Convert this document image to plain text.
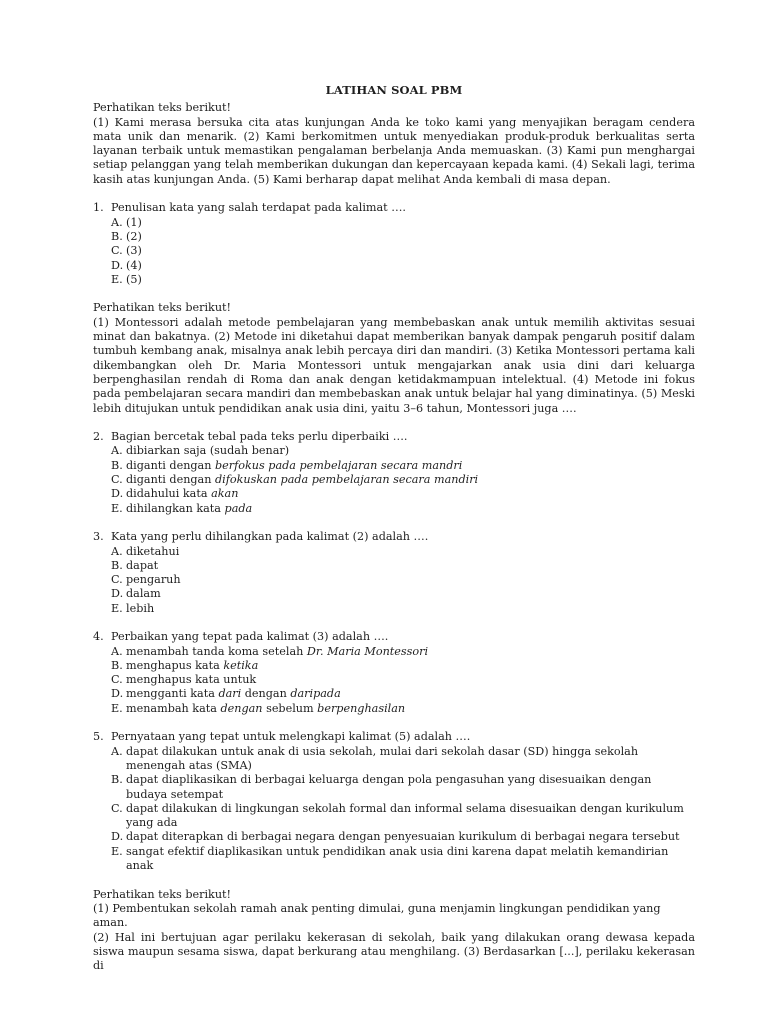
LATIHAN SOAL PBM

Perhatikan teks berikut!

(1) Kami merasa bersuka cita atas kunjungan Anda ke toko kami yang menyajikan beragam cendera mata unik dan menarik. (2) Kami berkomitmen untuk menyediakan produk-produk berkualitas serta layanan terbaik untuk memastikan pengalaman berbelanja Anda memuaskan. (3) Kami pun menghargai setiap pelanggan yang telah memberikan dukungan dan kepercayaan kepada kami. (4) Sekali lagi, terima kasih atas kunjungan Anda. (5) Kami berharap dapat melihat Anda kembali di masa depan.

1. Penulisan kata yang salah terdapat pada kalimat ….
A. (1)
B. (2)
C. (3)
D. (4)
E. (5)

Perhatikan teks berikut!

(1) Montessori adalah metode pembelajaran yang membebaskan anak untuk memilih aktivitas sesuai minat dan bakatnya. (2) Metode ini diketahui dapat memberikan banyak dampak pengaruh positif dalam tumbuh kembang anak, misalnya anak lebih percaya diri dan mandiri. (3) Ketika Montessori pertama kali dikembangkan oleh Dr. Maria Montessori untuk mengajarkan anak usia dini dari keluarga berpenghasilan rendah di Roma dan anak dengan ketidakmampuan intelektual. (4) Metode ini fokus pada pembelajaran secara mandiri dan membebaskan anak untuk belajar hal yang diminatinya. (5) Meski lebih ditujukan untuk pendidikan anak usia dini, yaitu 3–6 tahun, Montessori juga ….

2. Bagian bercetak tebal pada teks perlu diperbaiki ….
A. dibiarkan saja (sudah benar)
B. diganti dengan berfokus pada pembelajaran secara mandri
C. diganti dengan difokuskan pada pembelajaran secara mandiri
D. didahului kata akan
E. dihilangkan kata pada
3. Kata yang perlu dihilangkan pada kalimat (2) adalah ….
A. diketahui
B. dapat
C. pengaruh
D. dalam
E. lebih
4. Perbaikan yang tepat pada kalimat (3) adalah ….
A. menambah tanda koma setelah Dr. Maria Montessori
B. menghapus kata ketika
C. menghapus kata untuk
D. mengganti kata dari dengan daripada
E. menambah kata dengan sebelum berpenghasilan
5. Pernyataan yang tepat untuk melengkapi kalimat (5) adalah ….
A. dapat dilakukan untuk anak di usia sekolah, mulai dari sekolah dasar (SD) hingga sekolah menengah atas (SMA)
B. dapat diaplikasikan di berbagai keluarga dengan pola pengasuhan yang disesuaikan dengan budaya setempat
C. dapat dilakukan di lingkungan sekolah formal dan informal selama disesuaikan dengan kurikulum yang ada
D. dapat diterapkan di berbagai negara dengan penyesuaian kurikulum di berbagai negara tersebut
E. sangat efektif diaplikasikan untuk pendidikan anak usia dini karena dapat melatih kemandirian anak

Perhatikan teks berikut!

(1) Pembentukan sekolah ramah anak penting dimulai, guna menjamin lingkungan pendidikan yang aman.

(2) Hal ini bertujuan agar perilaku kekerasan di sekolah, baik yang dilakukan orang dewasa kepada siswa maupun sesama siswa, dapat berkurang atau menghilang. (3) Berdasarkan [...], perilaku kekerasan di
